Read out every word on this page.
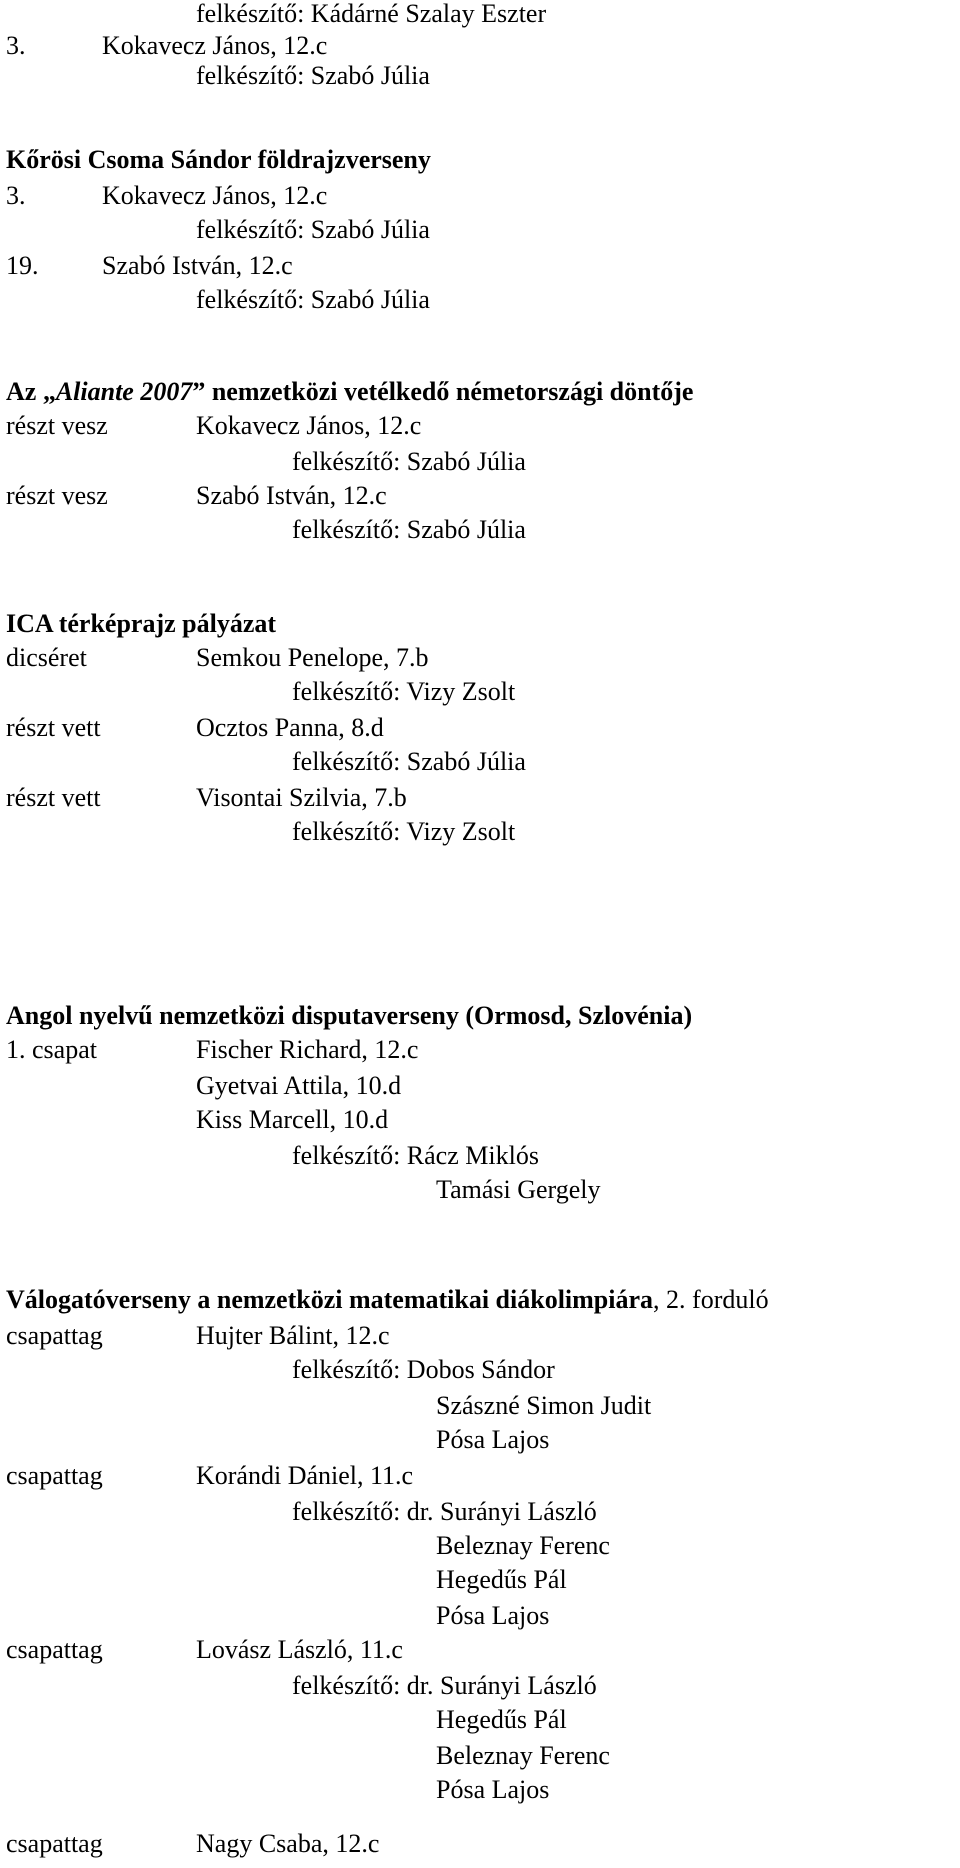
felkészítő: Kádárné Szalay Eszter
3.	Kokavecz János, 12.c
felkészítő: Szabó Júlia
Kőrösi Csoma Sándor földrajzverseny
3.	Kokavecz János, 12.c
felkészítő: Szabó Júlia
19. Szabó István, 12.c
felkészítő: Szabó Júlia
Az „Aliante 2007” nemzetközi vetélkedő németországi döntője
részt vesz	Kokavecz János, 12.c
felkészítő: Szabó Júlia
részt vesz	Szabó István, 12.c
felkészítő: Szabó Júlia
ICA térképrajz pályázat
dicséret	Semkou Penelope, 7.b
felkészítő: Vizy Zsolt
részt vett	Ocztos Panna, 8.d
felkészítő: Szabó Júlia
részt vett	Visontai Szilvia, 7.b
felkészítő: Vizy Zsolt
Angol nyelvű nemzetközi disputaverseny (Ormosd, Szlovénia)
1. csapat	Fischer Richard, 12.c
Gyetvai Attila, 10.d
Kiss Marcell, 10.d
felkészítő: Rácz Miklós
Tamási Gergely
Válogatóverseny a nemzetközi matematikai diákolimpiára, 2. forduló
csapattag	Hujter Bálint, 12.c
felkészítő: Dobos Sándor
Szászné Simon Judit
Pósa Lajos
csapattag	Korándi Dániel, 11.c
felkészítő: dr. Surányi László
Beleznay Ferenc
Hegedűs Pál
Pósa Lajos
csapattag	Lovász László, 11.c
felkészítő: dr. Surányi László
Hegedűs Pál
Beleznay Ferenc
Pósa Lajos
csapattag	Nagy Csaba, 12.c
